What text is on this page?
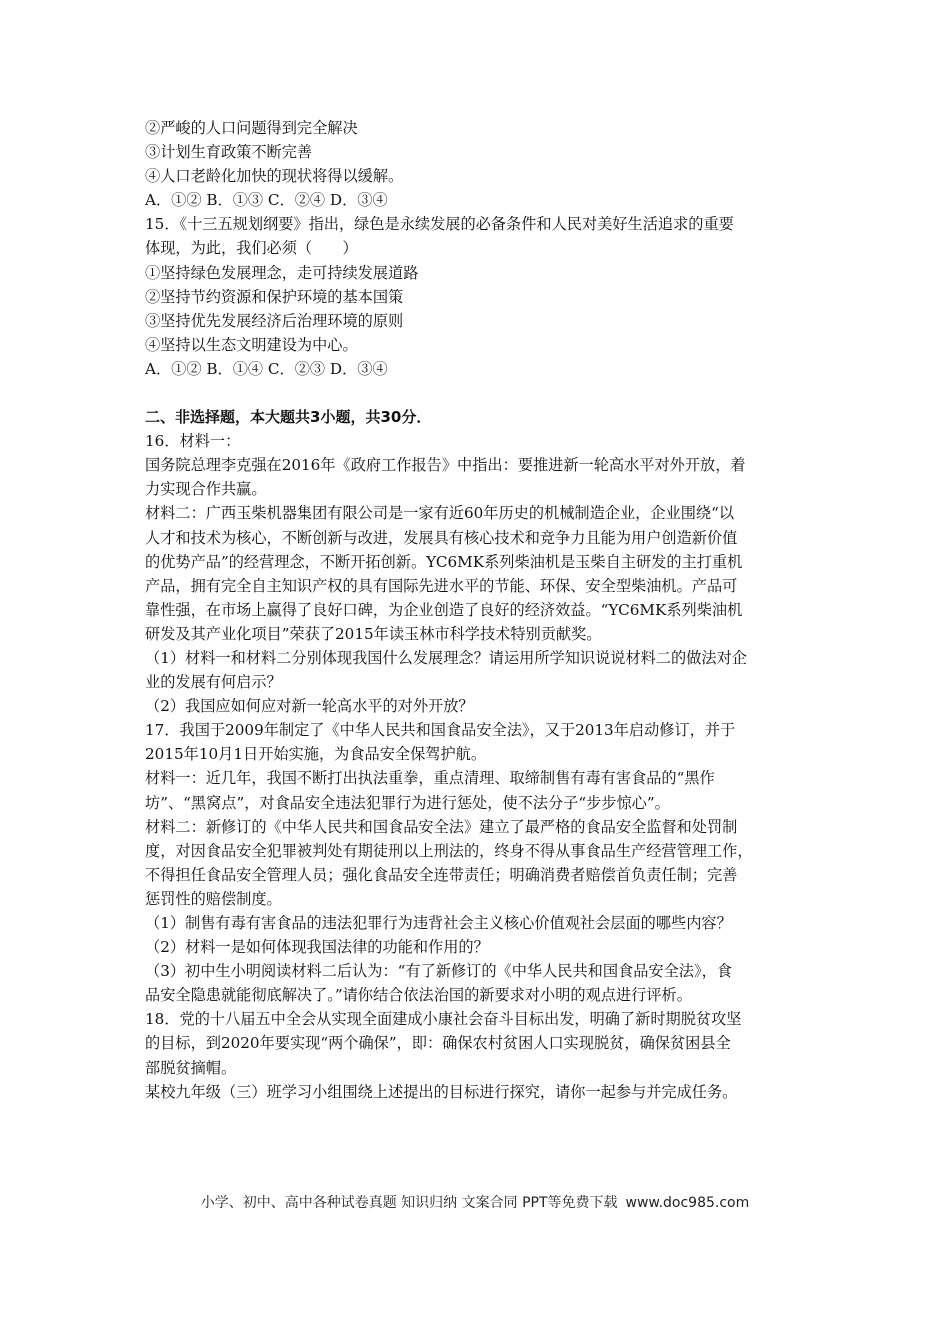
②严峻的人口问题得到完全解决
③计划生育政策不断完善
④人口老龄化加快的现状将得以缓解。
A．①② B．①③ C．②④ D．③④
15．《十三五规划纲要》指出，绿色是永续发展的必备条件和人民对美好生活追求的重要
体现，为此，我们必须（　　）
①坚持绿色发展理念，走可持续发展道路
②坚持节约资源和保护环境的基本国策
③坚持优先发展经济后治理环境的原则
④坚持以生态文明建设为中心。
A．①② B．①④ C．②③ D．③④
二、非选择题，本大题共3小题，共30分．
16．材料一：
国务院总理李克强在2016年《政府工作报告》中指出：要推进新一轮高水平对外开放，着
力实现合作共赢。
材料二：广西玉柴机器集团有限公司是一家有近60年历史的机械制造企业，企业围绕“以
人才和技术为核心，不断创新与改进，发展具有核心技术和竞争力且能为用户创造新价值
的优势产品”的经营理念，不断开拓创新。YC6MK系列柴油机是玉柴自主研发的主打重机
产品，拥有完全自主知识产权的具有国际先进水平的节能、环保、安全型柴油机。产品可
靠性强，在市场上赢得了良好口碑，为企业创造了良好的经济效益。“YC6MK系列柴油机
研发及其产业化项目”荣获了2015年读玉林市科学技术特别贡献奖。
（1）材料一和材料二分别体现我国什么发展理念？请运用所学知识说说材料二的做法对企
业的发展有何启示？
（2）我国应如何应对新一轮高水平的对外开放？
17．我国于2009年制定了《中华人民共和国食品安全法》，又于2013年启动修订，并于
2015年10月1日开始实施，为食品安全保驾护航。
材料一：近几年，我国不断打出执法重拳，重点清理、取缔制售有毒有害食品的“黑作
坊”、“黑窝点”，对食品安全违法犯罪行为进行惩处，使不法分子“步步惊心”。
材料二：新修订的《中华人民共和国食品安全法》建立了最严格的食品安全监督和处罚制
度，对因食品安全犯罪被判处有期徒刑以上刑法的，终身不得从事食品生产经营管理工作，
不得担任食品安全管理人员；强化食品安全连带责任；明确消费者赔偿首负责任制；完善
惩罚性的赔偿制度。
（1）制售有毒有害食品的违法犯罪行为违背社会主义核心价值观社会层面的哪些内容？
（2）材料一是如何体现我国法律的功能和作用的？
（3）初中生小明阅读材料二后认为：“有了新修订的《中华人民共和国食品安全法》，食
品安全隐患就能彻底解决了。”请你结合依法治国的新要求对小明的观点进行评析。
18．党的十八届五中全会从实现全面建成小康社会奋斗目标出发，明确了新时期脱贫攻坚
的目标，到2020年要实现“两个确保”，即：确保农村贫困人口实现脱贫，确保贫困县全
部脱贫摘帽。
某校九年级（三）班学习小组围绕上述提出的目标进行探究，请你一起参与并完成任务。
小学、初中、高中各种试卷真题 知识归纳 文案合同 PPT等免费下载 www.doc985.com
